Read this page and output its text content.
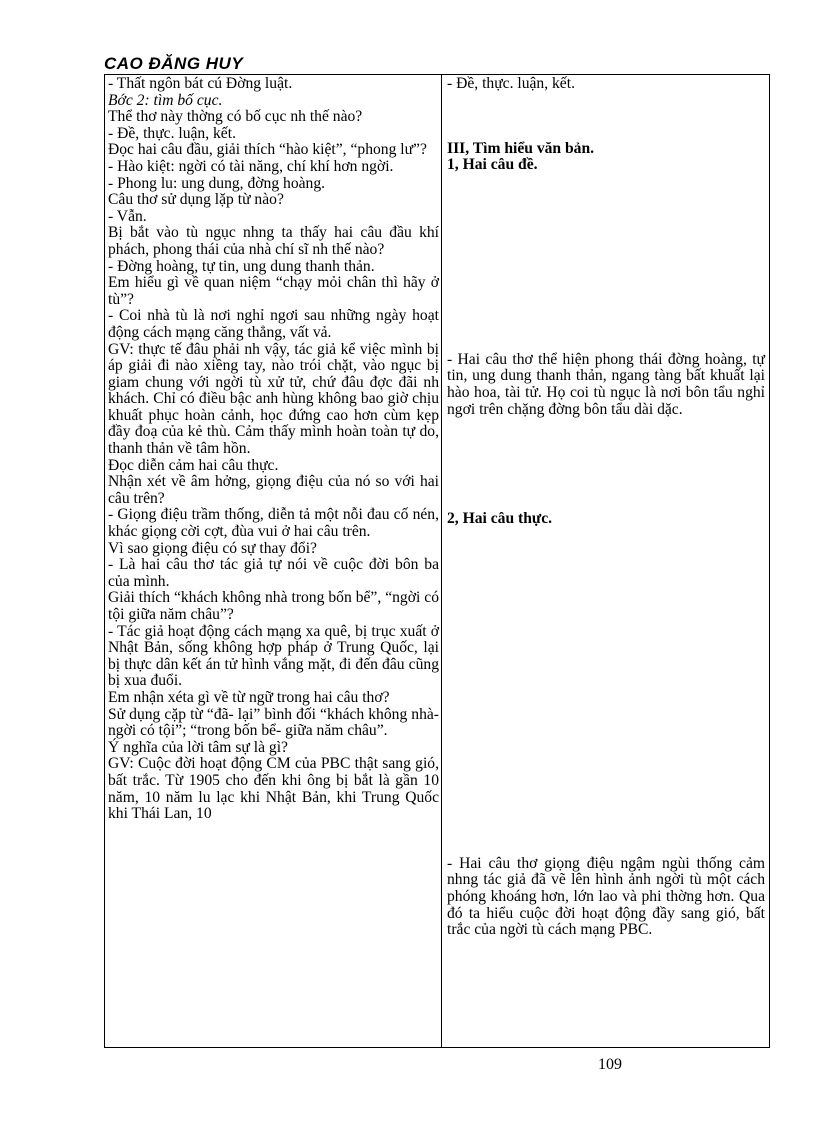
CAO ĐĂNG HUY

- Thất ngôn bát cú Đờng luật.

Bớc 2: tìm bố cục.

Thể thơ này thờng có bố cục nh thế nào?

- Đề, thực. luận, kết.

Đọc hai câu đầu, giải thích “hào kiệt”, “phong lư”?

- Hào kiệt: ngời có tài năng, chí khí hơn ngời.

- Phong lu: ung dung, đờng hoàng.

Câu thơ sử dụng lặp từ nào?

- Vẫn.

Bị bắt vào tù ngục nhng ta thấy hai câu đầu khí phách, phong thái của nhà chí sĩ nh thế nào?

- Đờng hoàng, tự tin, ung dung thanh thản.

Em hiểu gì về quan niệm “chạy mỏi chân thì hãy ở tù”?

- Coi nhà tù là nơi nghỉ ngơi sau những ngày hoạt động cách mạng căng thẳng, vất vả.

GV: thực tế đâu phải nh vậy, tác giả kể việc mình bị áp giải đi nào xiềng tay, nào trói chặt, vào ngục bị giam chung với ngời tù xử tử, chứ đâu đợc đãi nh khách. Chỉ có điều bậc anh hùng không bao giờ chịu khuất phục hoàn cảnh, học đứng cao hơn cùm kẹp đầy đoạ của kẻ thù. Cảm thấy mình hoàn toàn tự do, thanh thản về tâm hồn.

Đọc diễn cảm hai câu thực.

Nhận xét về âm hởng, giọng điệu của nó so với hai câu trên?

- Giọng điệu trầm thống, diễn tả một nỗi đau cố nén, khác giọng cời cợt, đùa vui ở hai câu trên.

Vì sao giọng điệu có sự thay đổi?

- Là hai câu thơ tác giả tự nói về cuộc đời bôn ba của mình.

Giải thích “khách không nhà trong bốn bể”, “ngời có tội giữa năm châu”?

- Tác giả hoạt động cách mạng xa quê, bị trục xuất ở Nhật Bản, sống không hợp pháp ở Trung Quốc, lại bị thực dân kết án tử hình vắng mặt, đi đến đâu cũng bị xua đuổi.

Em nhận xéta gì về từ ngữ trong hai câu thơ?

Sử dụng cặp từ “đã- lại” bình đối “khách không nhà- ngời có tội”; “trong bốn bể- giữa năm châu”.

Ý nghĩa của lời tâm sự là gì?

GV: Cuộc đời hoạt động CM của PBC thật sang gió, bất trắc. Từ 1905 cho đến khi ông bị bắt là gần 10 năm, 10 năm lu lạc khi Nhật Bản, khi Trung Quốc khi Thái Lan, 10

- Đề, thực. luận, kết.

III, Tìm hiểu văn bản.

1, Hai câu đề.

- Hai câu thơ thể hiện phong thái đờng hoàng, tự tin, ung dung thanh thản, ngang tàng bất khuất lại hào hoa, tài tử. Họ coi tù ngục là nơi bôn tẩu nghỉ ngơi trên chặng đờng bôn tẩu dài dặc.

2, Hai câu thực.

- Hai câu thơ giọng điệu ngậm ngùi thống cảm nhng tác giả đã vẽ lên hình ảnh ngời tù một cách phóng khoáng hơn, lớn lao và phi thờng hơn. Qua đó ta hiểu cuộc đời hoạt động đầy sang gió, bất trắc của ngời tù cách mạng PBC.

109
